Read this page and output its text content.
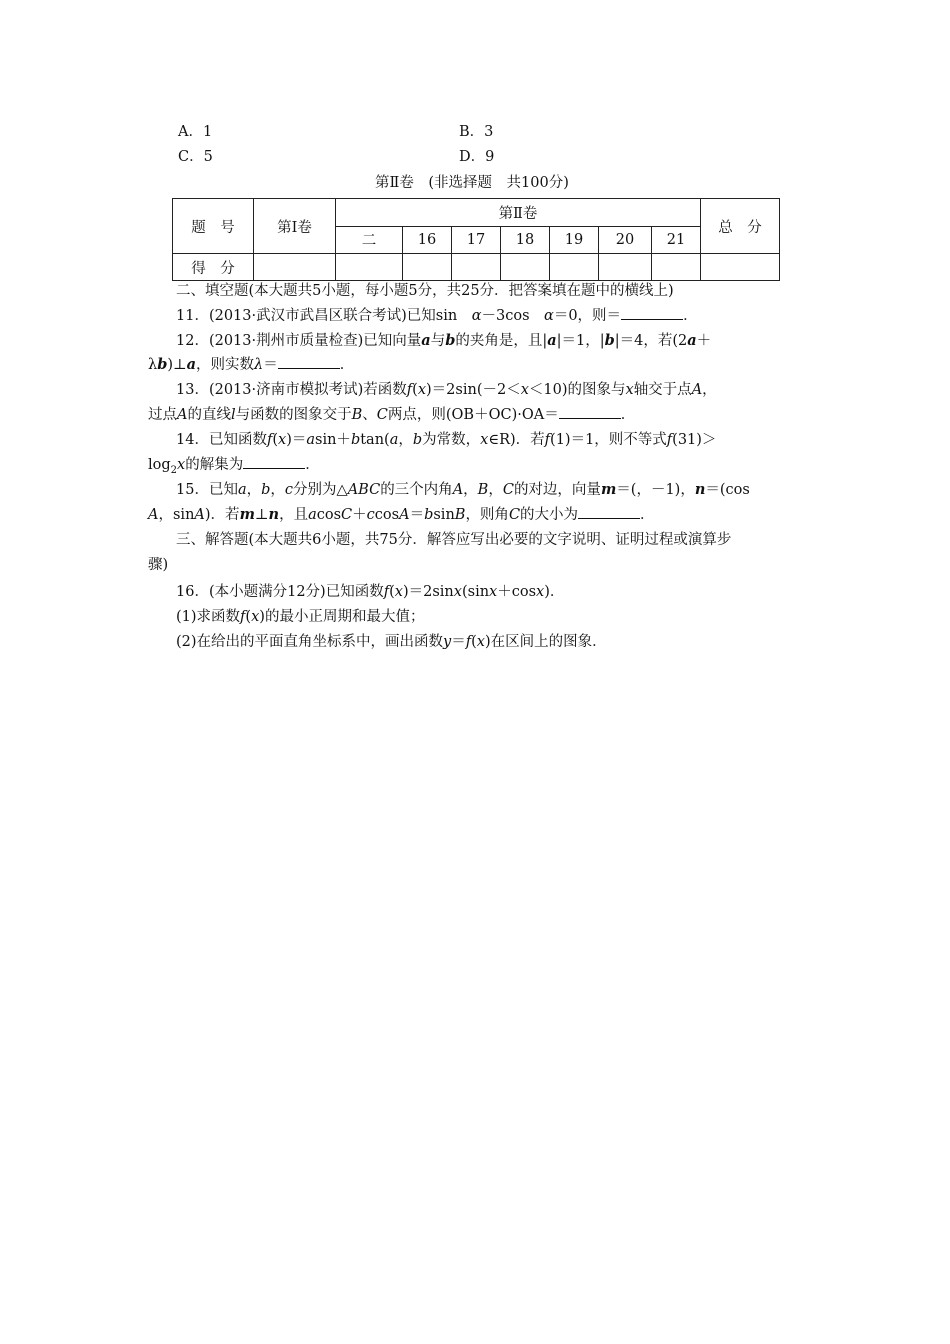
A．1	B．3
C．5	D．9
第Ⅱ卷　(非选择题　共100分)
题　号	第Ⅰ卷	第Ⅱ卷							总　分
		二	16	17	18	19	20	21	
得　分									
二、填空题(本大题共5小题，每小题5分，共25分．把答案填在题中的横线上)
11．(2013·武汉市武昌区联合考试)已知sin　α－3cos　α＝0，则＝	．
12．(2013·荆州市质量检查)已知向量a与b的夹角是，且|a|＝1，|b|＝4，若(2a＋
λb)⊥a，则实数λ＝	．
13．(2013·济南市模拟考试)若函数f(x)＝2sin(－2＜x＜10)的图象与x轴交于点A，
过点A的直线l与函数的图象交于B、C两点，则(OB＋OC)·OA＝	．
14．已知函数f(x)＝asin＋btan(a，b为常数，x∈R)．若f(1)＝1，则不等式f(31)＞
$\log_2x$的解集为	．
15．已知a，b，c分别为△ABC的三个内角A，B，C的对边，向量m＝(，－1)，n＝(cos
A，sinA)．若m⊥n，且acosC＋ccosA＝bsinB，则角C的大小为	．
三、解答题(本大题共6小题，共75分．解答应写出必要的文字说明、证明过程或演算步
骤)
16．(本小题满分12分)已知函数f(x)＝2sinx(sinx＋cosx)．
(1)求函数f(x)的最小正周期和最大值；
(2)在给出的平面直角坐标系中，画出函数y＝f(x)在区间上的图象．
